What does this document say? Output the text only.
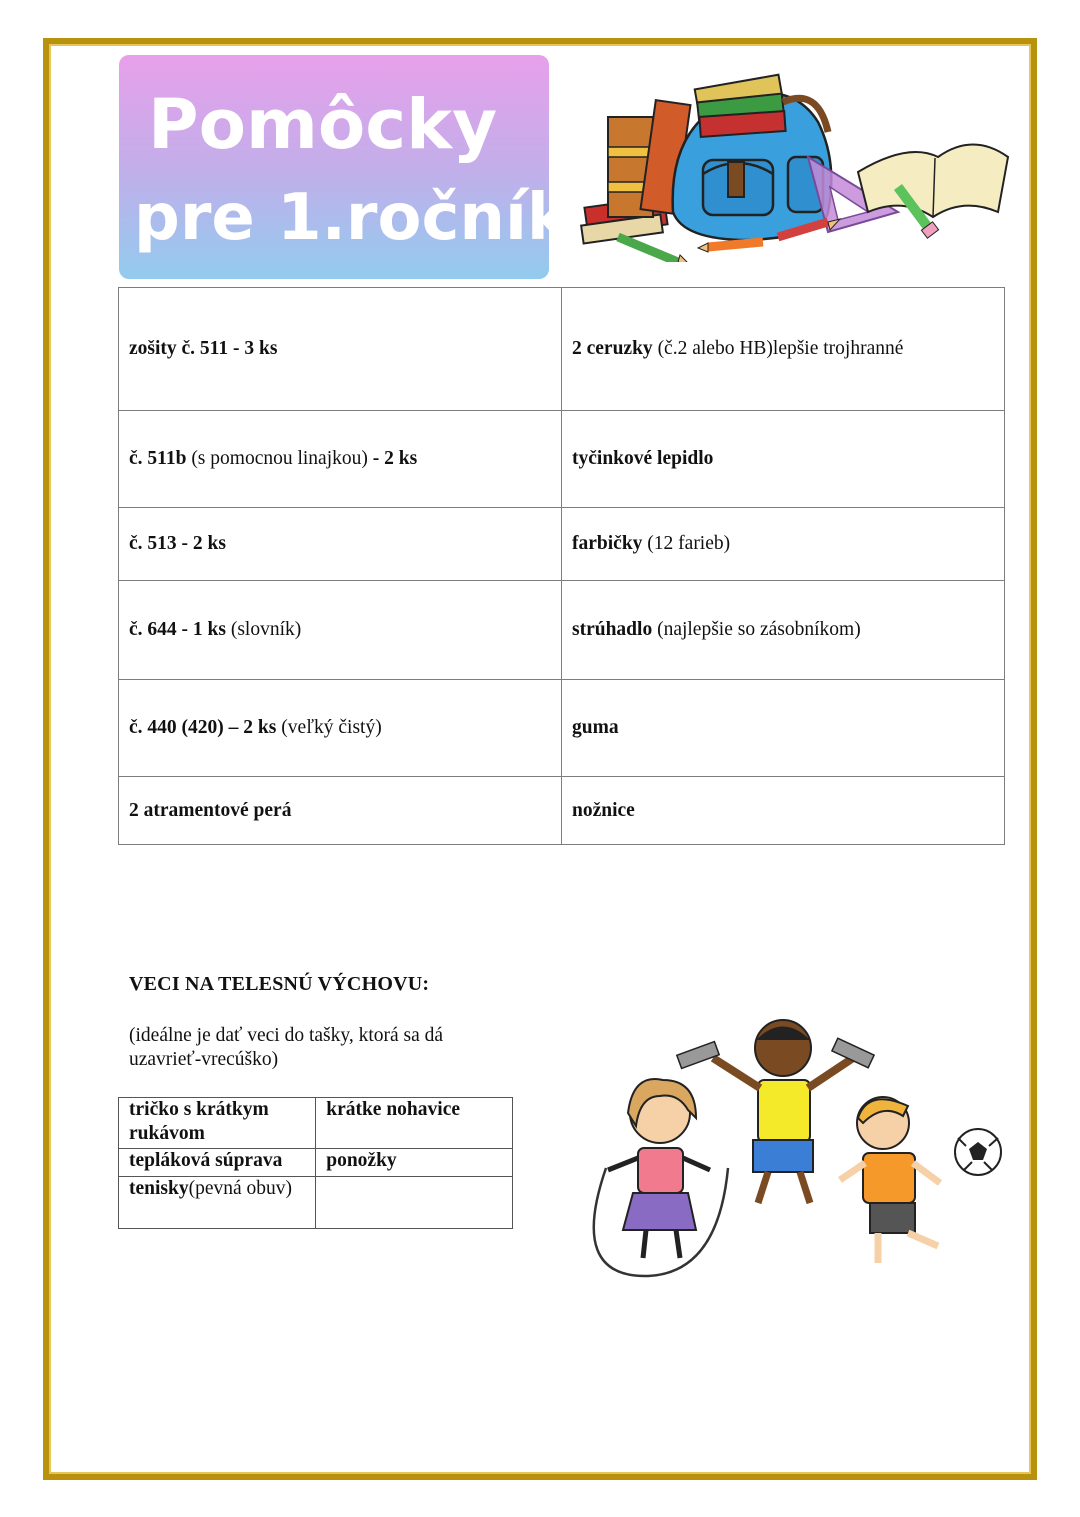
Pomôcky
pre 1.ročník
zošity č. 511 - 3 ks	2 ceruzky (č.2 alebo HB)lepšie trojhranné
č. 511b (s pomocnou linajkou) - 2 ks	tyčinkové lepidlo
č. 513 - 2 ks	farbičky (12 farieb)
č. 644 - 1 ks (slovník)	strúhadlo (najlepšie so zásobníkom)
č. 440 (420) – 2 ks (veľký čistý)	guma
2 atramentové perá	nožnice
VECI NA TELESNÚ VÝCHOVU:
(ideálne je dať veci do tašky, ktorá sa dá uzavrieť-vrecúško)
tričko s krátkym rukávom	krátke nohavice
tepláková súprava	ponožky
tenisky(pevná obuv)	
